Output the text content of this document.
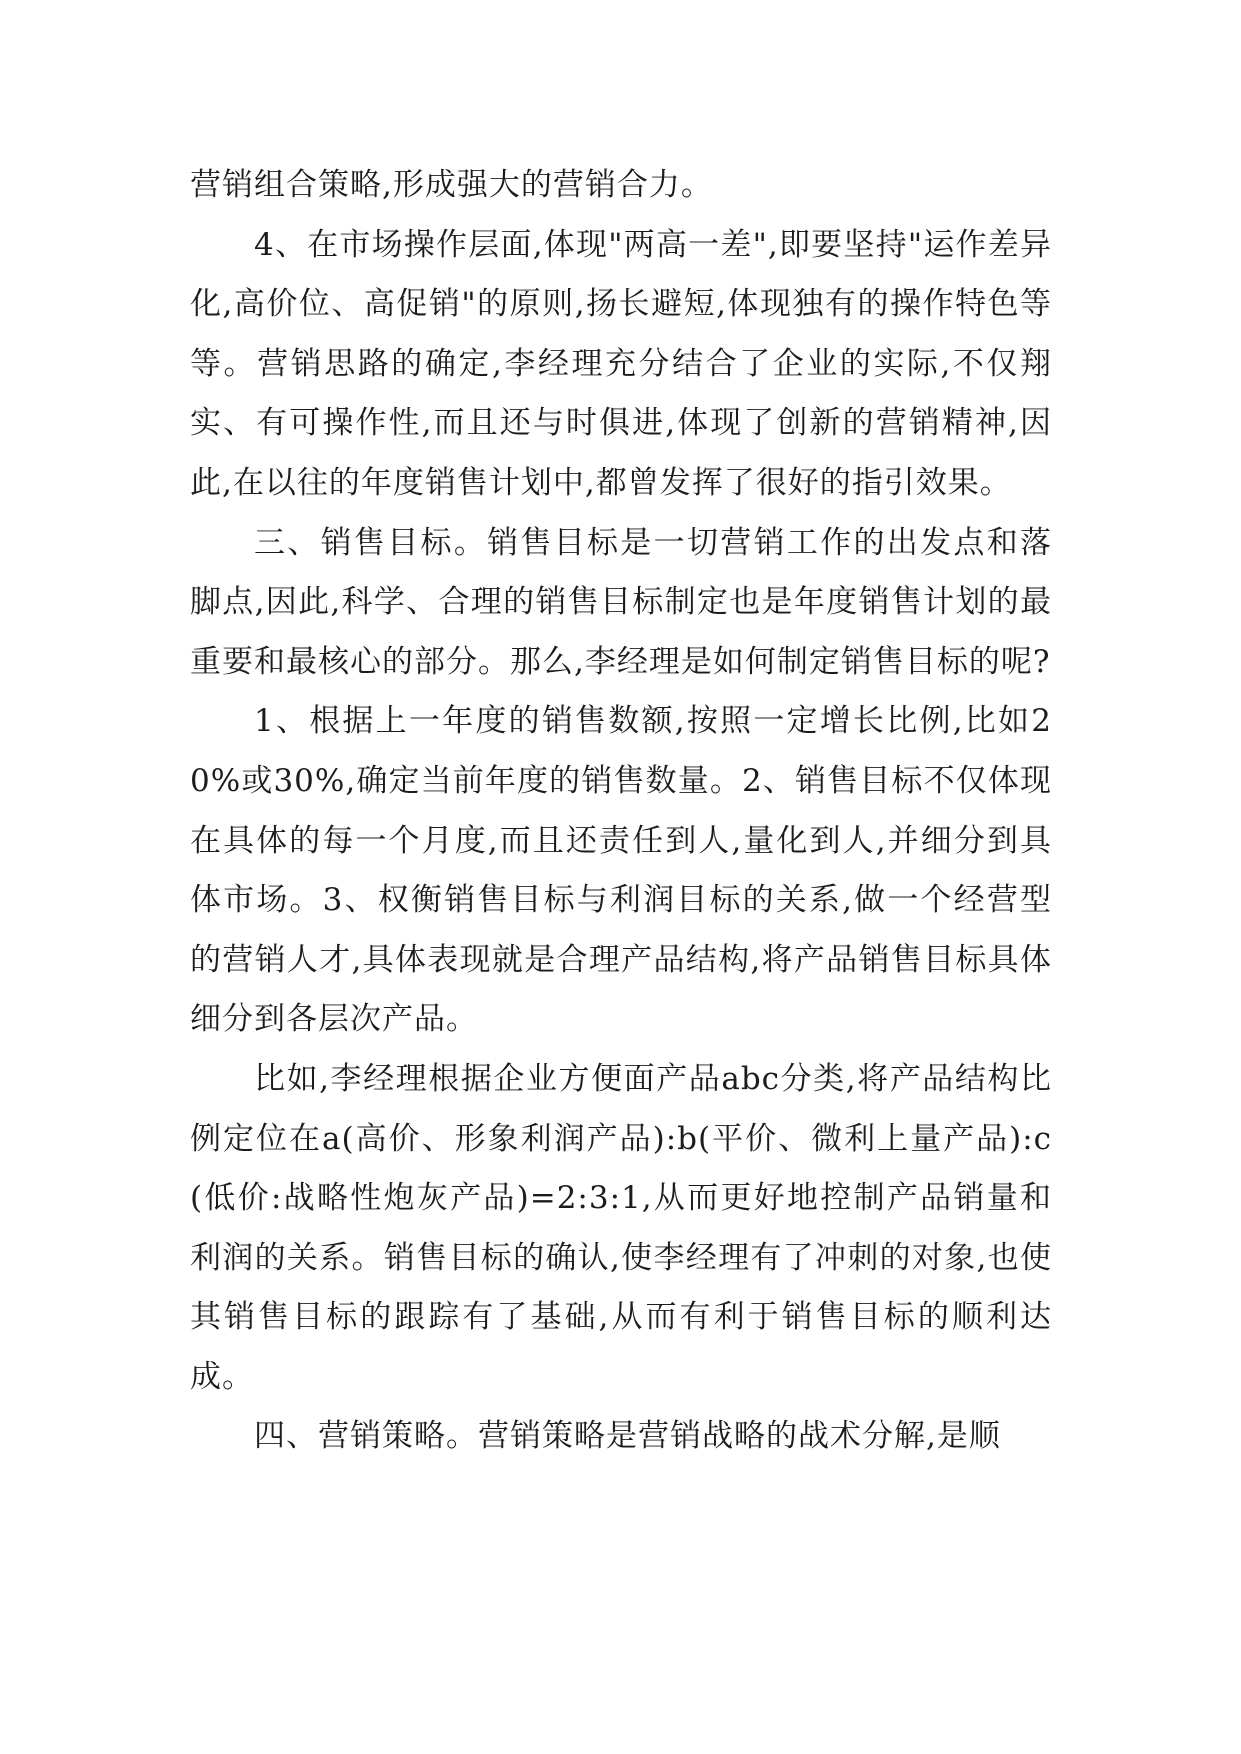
营销组合策略,形成强大的营销合力。

4、在市场操作层面,体现"两高一差",即要坚持"运作差异化,高价位、高促销"的原则,扬长避短,体现独有的操作特色等等。营销思路的确定,李经理充分结合了企业的实际,不仅翔实、有可操作性,而且还与时俱进,体现了创新的营销精神,因此,在以往的年度销售计划中,都曾发挥了很好的指引效果。

三、销售目标。销售目标是一切营销工作的出发点和落脚点,因此,科学、合理的销售目标制定也是年度销售计划的最重要和最核心的部分。那么,李经理是如何制定销售目标的呢?

1、根据上一年度的销售数额,按照一定增长比例,比如20%或30%,确定当前年度的销售数量。2、销售目标不仅体现在具体的每一个月度,而且还责任到人,量化到人,并细分到具体市场。3、权衡销售目标与利润目标的关系,做一个经营型的营销人才,具体表现就是合理产品结构,将产品销售目标具体细分到各层次产品。

比如,李经理根据企业方便面产品abc分类,将产品结构比例定位在a(高价、形象利润产品):b(平价、微利上量产品):c(低价:战略性炮灰产品)=2:3:1,从而更好地控制产品销量和利润的关系。销售目标的确认,使李经理有了冲刺的对象,也使其销售目标的跟踪有了基础,从而有利于销售目标的顺利达成。

四、营销策略。营销策略是营销战略的战术分解,是顺
